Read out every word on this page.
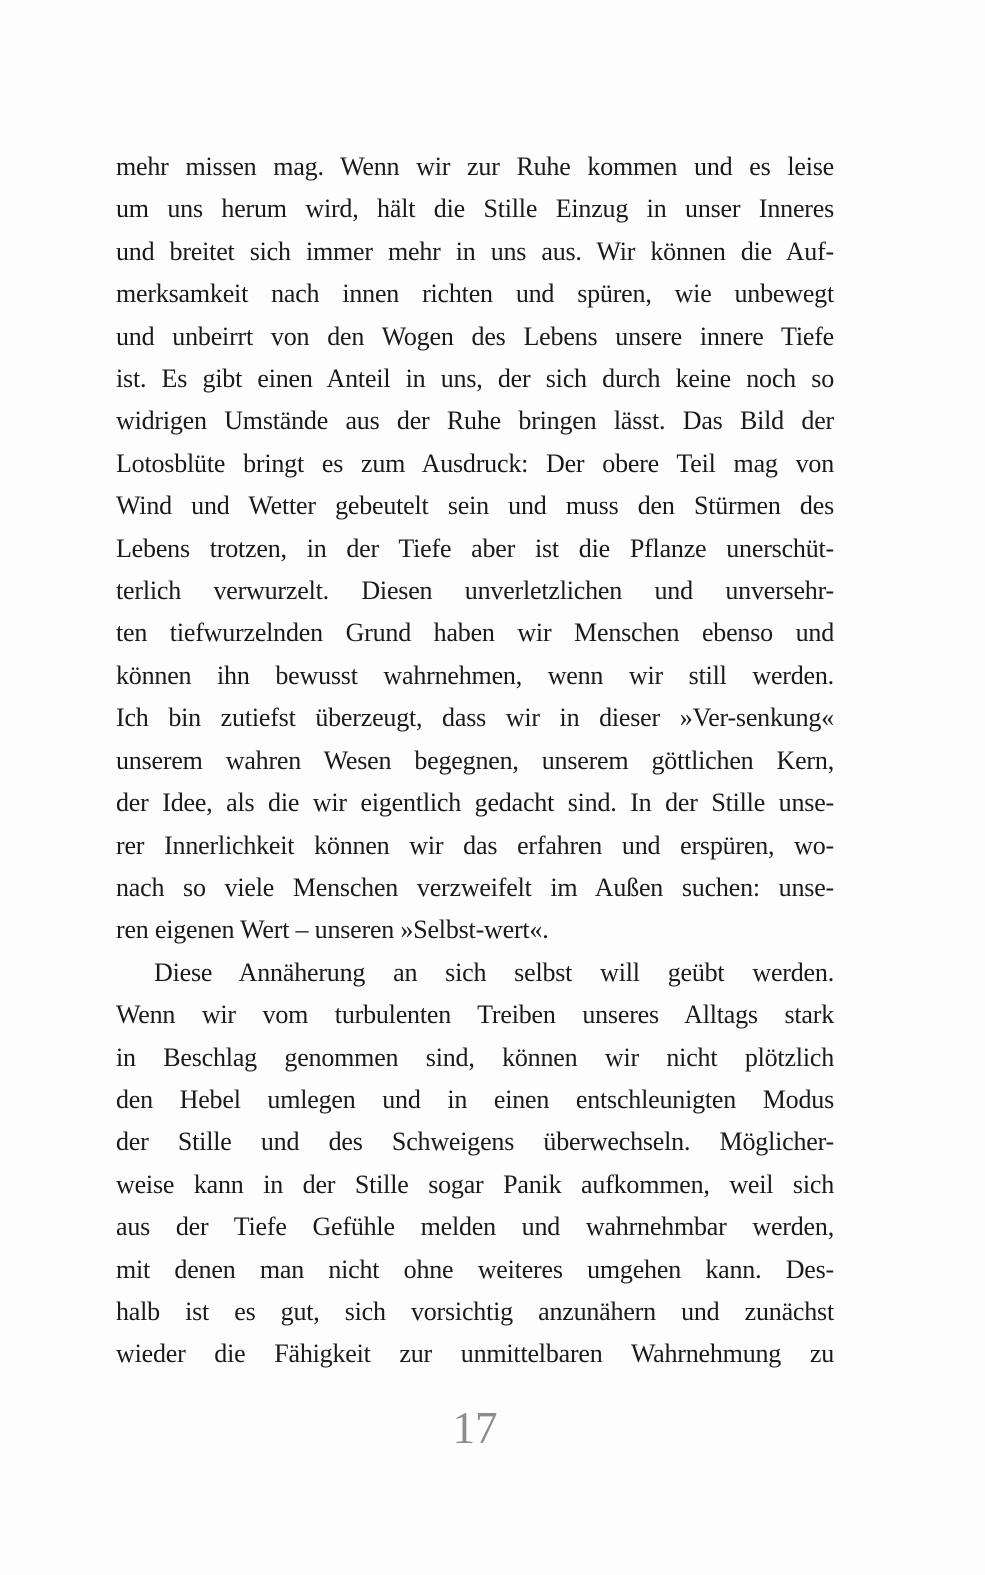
mehr missen mag. Wenn wir zur Ruhe kommen und es leise
um uns herum wird, hält die Stille Einzug in unser Inneres
und breitet sich immer mehr in uns aus. Wir können die Auf-
merksamkeit nach innen richten und spüren, wie unbewegt
und unbeirrt von den Wogen des Lebens unsere innere Tiefe
ist. Es gibt einen Anteil in uns, der sich durch keine noch so
widrigen Umstände aus der Ruhe bringen lässt. Das Bild der
Lotosblüte bringt es zum Ausdruck: Der obere Teil mag von
Wind und Wetter gebeutelt sein und muss den Stürmen des
Lebens trotzen, in der Tiefe aber ist die Pflanze unerschüt-
terlich verwurzelt. Diesen unverletzlichen und unversehr-
ten tiefwurzelnden Grund haben wir Menschen ebenso und
können ihn bewusst wahrnehmen, wenn wir still werden.
Ich bin zutiefst überzeugt, dass wir in dieser »Ver-senkung«
unserem wahren Wesen begegnen, unserem göttlichen Kern,
der Idee, als die wir eigentlich gedacht sind. In der Stille unse-
rer Innerlichkeit können wir das erfahren und erspüren, wo-
nach so viele Menschen verzweifelt im Außen suchen: unse-
ren eigenen Wert – unseren »Selbst-wert«.
Diese Annäherung an sich selbst will geübt werden.
Wenn wir vom turbulenten Treiben unseres Alltags stark
in Beschlag genommen sind, können wir nicht plötzlich
den Hebel umlegen und in einen entschleunigten Modus
der Stille und des Schweigens überwechseln. Möglicher-
weise kann in der Stille sogar Panik aufkommen, weil sich
aus der Tiefe Gefühle melden und wahrnehmbar werden,
mit denen man nicht ohne weiteres umgehen kann. Des-
halb ist es gut, sich vorsichtig anzunähern und zunächst
wieder die Fähigkeit zur unmittelbaren Wahrnehmung zu
17
